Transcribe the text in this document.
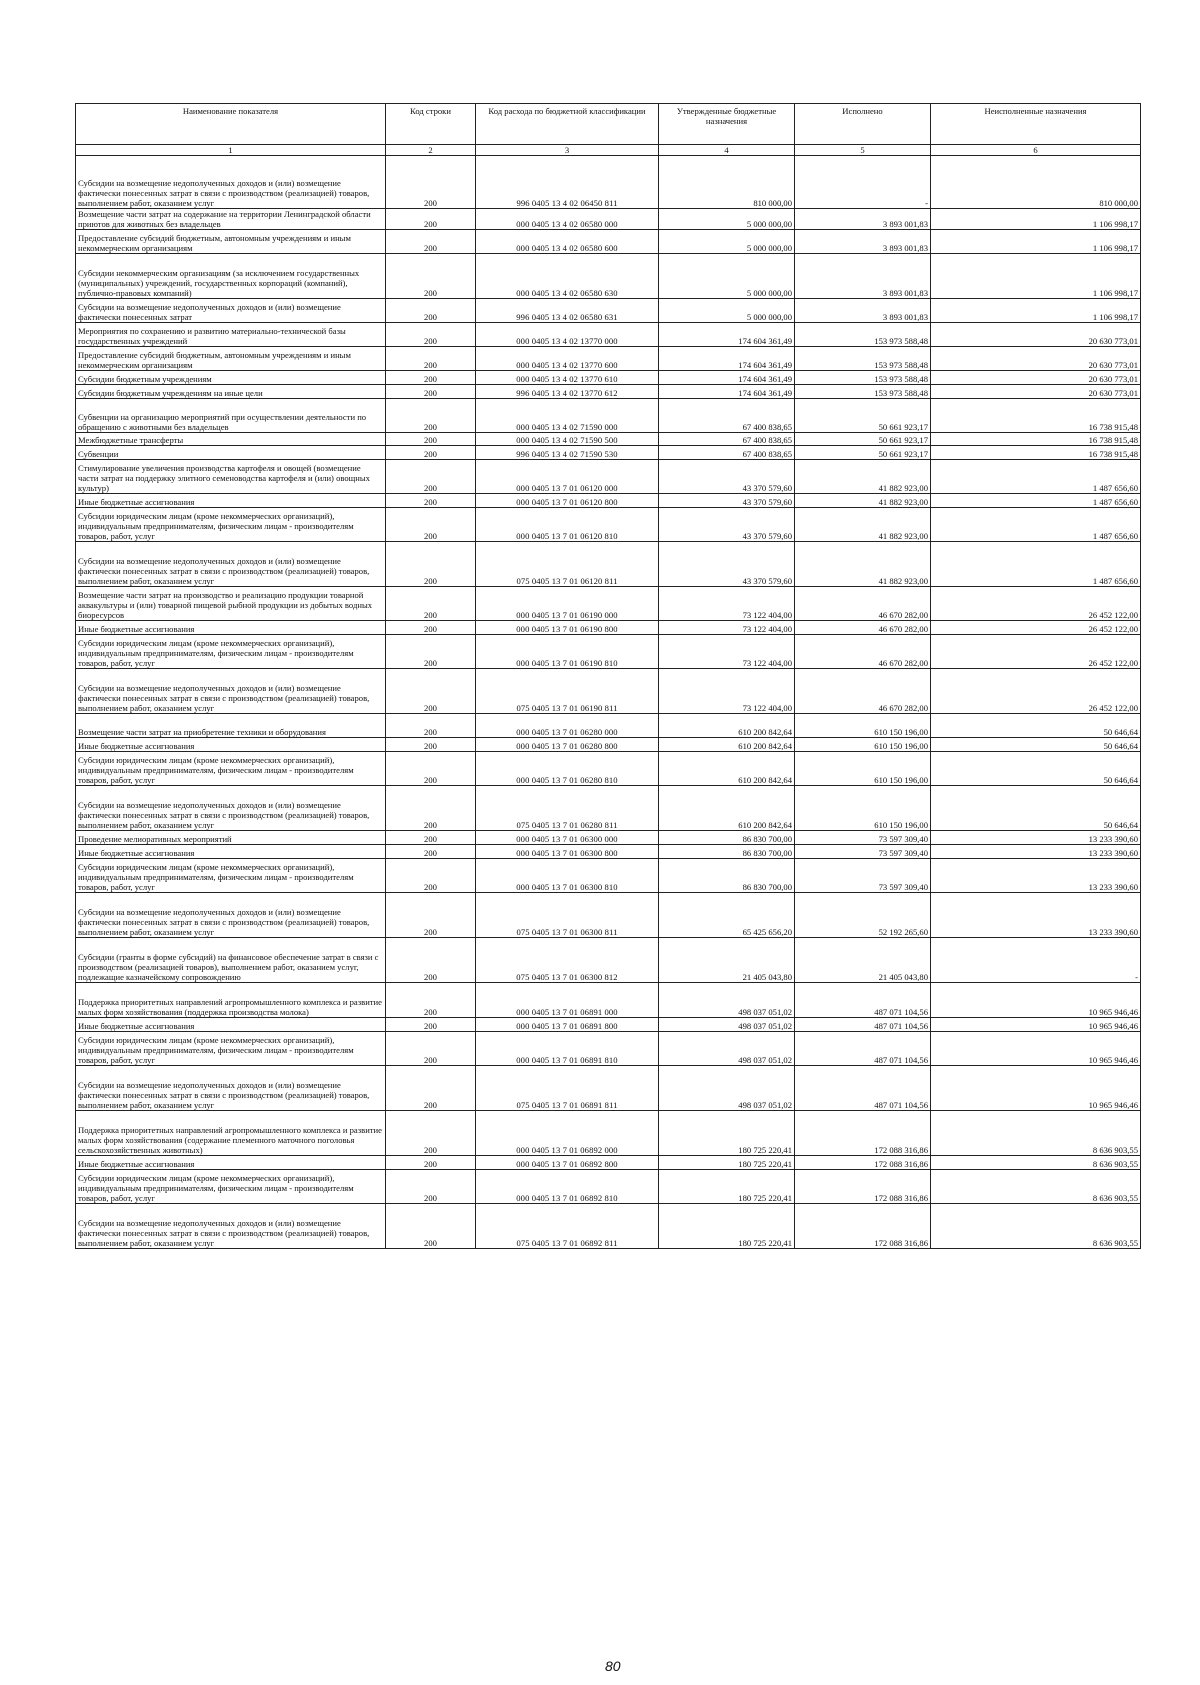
Наименование показателя	Код строки	Код расхода по бюджетной классификации	Утвержденные бюджетные назначения	Исполнено	Неисполненные назначения
1	2	3	4	5	6
Субсидии на возмещение недополученных доходов и (или) возмещение фактически понесенных затрат в связи с производством (реализацией) товаров, выполнением работ, оказанием услуг	200	996 0405 13 4 02 06450 811	810 000,00	-	810 000,00
Возмещение части затрат на содержание на территории Ленинградской области приютов для животных без владельцев	200	000 0405 13 4 02 06580 000	5 000 000,00	3 893 001,83	1 106 998,17
Предоставление субсидий бюджетным, автономным учреждениям и иным некоммерческим организациям	200	000 0405 13 4 02 06580 600	5 000 000,00	3 893 001,83	1 106 998,17
Субсидии некоммерческим организациям (за исключением государственных (муниципальных) учреждений, государственных корпораций (компаний), публично-правовых компаний)	200	000 0405 13 4 02 06580 630	5 000 000,00	3 893 001,83	1 106 998,17
Субсидии на возмещение недополученных доходов и (или) возмещение фактически понесенных затрат	200	996 0405 13 4 02 06580 631	5 000 000,00	3 893 001,83	1 106 998,17
Мероприятия по сохранению и развитию материально-технической базы государственных учреждений	200	000 0405 13 4 02 13770 000	174 604 361,49	153 973 588,48	20 630 773,01
Предоставление субсидий бюджетным, автономным учреждениям и иным некоммерческим организациям	200	000 0405 13 4 02 13770 600	174 604 361,49	153 973 588,48	20 630 773,01
Субсидии бюджетным учреждениям	200	000 0405 13 4 02 13770 610	174 604 361,49	153 973 588,48	20 630 773,01
Субсидии бюджетным учреждениям на иные цели	200	996 0405 13 4 02 13770 612	174 604 361,49	153 973 588,48	20 630 773,01
Субвенции на организацию мероприятий при осуществлении деятельности по обращению с животными без владельцев	200	000 0405 13 4 02 71590 000	67 400 838,65	50 661 923,17	16 738 915,48
Межбюджетные трансферты	200	000 0405 13 4 02 71590 500	67 400 838,65	50 661 923,17	16 738 915,48
Субвенции	200	996 0405 13 4 02 71590 530	67 400 838,65	50 661 923,17	16 738 915,48
Стимулирование увеличения производства картофеля и овощей (возмещение части затрат на поддержку элитного семеноводства картофеля и (или) овощных культур)	200	000 0405 13 7 01 06120 000	43 370 579,60	41 882 923,00	1 487 656,60
Иные бюджетные ассигнования	200	000 0405 13 7 01 06120 800	43 370 579,60	41 882 923,00	1 487 656,60
Субсидии юридическим лицам (кроме некоммерческих организаций), индивидуальным предпринимателям, физическим лицам - производителям товаров, работ, услуг	200	000 0405 13 7 01 06120 810	43 370 579,60	41 882 923,00	1 487 656,60
Субсидии на возмещение недополученных доходов и (или) возмещение фактически понесенных затрат в связи с производством (реализацией) товаров, выполнением работ, оказанием услуг	200	075 0405 13 7 01 06120 811	43 370 579,60	41 882 923,00	1 487 656,60
Возмещение части затрат на производство и реализацию продукции товарной аквакультуры и (или) товарной пищевой рыбной продукции из добытых водных биоресурсов	200	000 0405 13 7 01 06190 000	73 122 404,00	46 670 282,00	26 452 122,00
Иные бюджетные ассигнования	200	000 0405 13 7 01 06190 800	73 122 404,00	46 670 282,00	26 452 122,00
Субсидии юридическим лицам (кроме некоммерческих организаций), индивидуальным предпринимателям, физическим лицам - производителям товаров, работ, услуг	200	000 0405 13 7 01 06190 810	73 122 404,00	46 670 282,00	26 452 122,00
Субсидии на возмещение недополученных доходов и (или) возмещение фактически понесенных затрат в связи с производством (реализацией) товаров, выполнением работ, оказанием услуг	200	075 0405 13 7 01 06190 811	73 122 404,00	46 670 282,00	26 452 122,00
Возмещение части затрат на приобретение техники и оборудования	200	000 0405 13 7 01 06280 000	610 200 842,64	610 150 196,00	50 646,64
Иные бюджетные ассигнования	200	000 0405 13 7 01 06280 800	610 200 842,64	610 150 196,00	50 646,64
Субсидии юридическим лицам (кроме некоммерческих организаций), индивидуальным предпринимателям, физическим лицам - производителям товаров, работ, услуг	200	000 0405 13 7 01 06280 810	610 200 842,64	610 150 196,00	50 646,64
Субсидии на возмещение недополученных доходов и (или) возмещение фактически понесенных затрат в связи с производством (реализацией) товаров, выполнением работ, оказанием услуг	200	075 0405 13 7 01 06280 811	610 200 842,64	610 150 196,00	50 646,64
Проведение мелиоративных мероприятий	200	000 0405 13 7 01 06300 000	86 830 700,00	73 597 309,40	13 233 390,60
Иные бюджетные ассигнования	200	000 0405 13 7 01 06300 800	86 830 700,00	73 597 309,40	13 233 390,60
Субсидии юридическим лицам (кроме некоммерческих организаций), индивидуальным предпринимателям, физическим лицам - производителям товаров, работ, услуг	200	000 0405 13 7 01 06300 810	86 830 700,00	73 597 309,40	13 233 390,60
Субсидии на возмещение недополученных доходов и (или) возмещение фактически понесенных затрат в связи с производством (реализацией) товаров, выполнением работ, оказанием услуг	200	075 0405 13 7 01 06300 811	65 425 656,20	52 192 265,60	13 233 390,60
Субсидии (гранты в форме субсидий) на финансовое обеспечение затрат в связи с производством (реализацией товаров), выполнением работ, оказанием услуг, подлежащие казначейскому сопровождению	200	075 0405 13 7 01 06300 812	21 405 043,80	21 405 043,80	-
Поддержка приоритетных направлений агропромышленного комплекса и развитие малых форм хозяйствования (поддержка производства молока)	200	000 0405 13 7 01 06891 000	498 037 051,02	487 071 104,56	10 965 946,46
Иные бюджетные ассигнования	200	000 0405 13 7 01 06891 800	498 037 051,02	487 071 104,56	10 965 946,46
Субсидии юридическим лицам (кроме некоммерческих организаций), индивидуальным предпринимателям, физическим лицам - производителям товаров, работ, услуг	200	000 0405 13 7 01 06891 810	498 037 051,02	487 071 104,56	10 965 946,46
Субсидии на возмещение недополученных доходов и (или) возмещение фактически понесенных затрат в связи с производством (реализацией) товаров, выполнением работ, оказанием услуг	200	075 0405 13 7 01 06891 811	498 037 051,02	487 071 104,56	10 965 946,46
Поддержка приоритетных направлений агропромышленного комплекса и развитие малых форм хозяйствования (содержание племенного маточного поголовья сельскохозяйственных животных)	200	000 0405 13 7 01 06892 000	180 725 220,41	172 088 316,86	8 636 903,55
Иные бюджетные ассигнования	200	000 0405 13 7 01 06892 800	180 725 220,41	172 088 316,86	8 636 903,55
Субсидии юридическим лицам (кроме некоммерческих организаций), индивидуальным предпринимателям, физическим лицам - производителям товаров, работ, услуг	200	000 0405 13 7 01 06892 810	180 725 220,41	172 088 316,86	8 636 903,55
Субсидии на возмещение недополученных доходов и (или) возмещение фактически понесенных затрат в связи с производством (реализацией) товаров, выполнением работ, оказанием услуг	200	075 0405 13 7 01 06892 811	180 725 220,41	172 088 316,86	8 636 903,55
80
